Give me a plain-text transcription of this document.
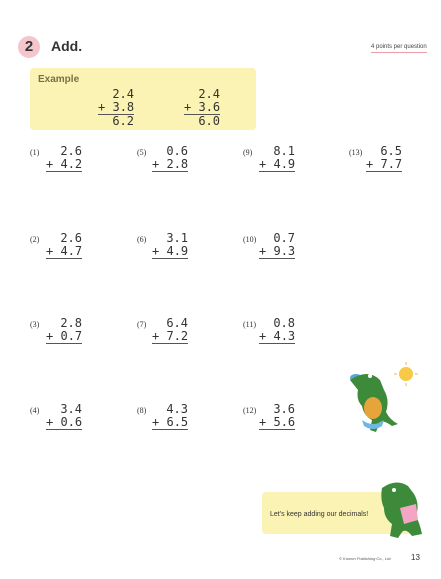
2	Add.	4 points per question
Example
2.4
+ 3.8
6.2
2.4
+ 3.6
6.0
(1)	2.6
+ 4.2
(2)	2.6
+ 4.7
(3)	2.8
+ 0.7
(4)	3.4
+ 0.6
(5)	0.6
+ 2.8
(6)	3.1
+ 4.9
(7)	6.4
+ 7.2
(8)	4.3
+ 6.5
(9)	8.1
+ 4.9
(10)	0.7
+ 9.3
(11)	0.8
+ 4.3
(12)	3.6
+ 5.6
(13)	6.5
+ 7.7
Let's keep adding our decimals!
© Kumon Publishing Co., Ltd. 13
